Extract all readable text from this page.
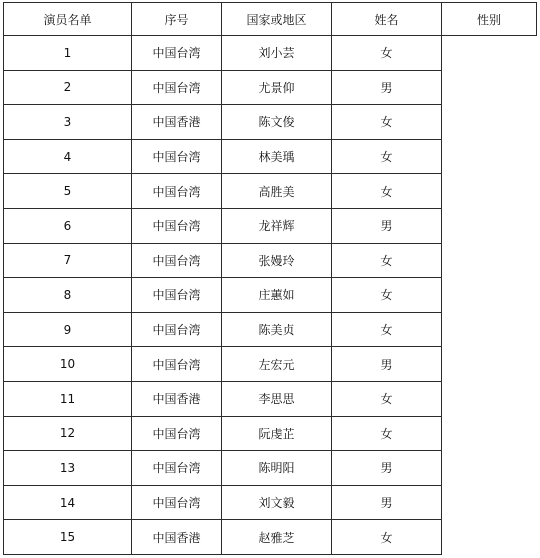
演员名单	序号	国家或地区	姓名	性别
1	中国台湾	刘小芸	女	
2	中国台湾	尤景仰	男	
3	中国香港	陈文俊	女	
4	中国台湾	林美瑀	女	
5	中国台湾	高胜美	女	
6	中国台湾	龙祥辉	男	
7	中国台湾	张嫚玲	女	
8	中国台湾	庄蕙如	女	
9	中国台湾	陈美贞	女	
10	中国台湾	左宏元	男	
11	中国香港	李思思	女	
12	中国台湾	阮虔芷	女	
13	中国台湾	陈明阳	男	
14	中国台湾	刘文毅	男	
15	中国香港	赵雅芝	女	
